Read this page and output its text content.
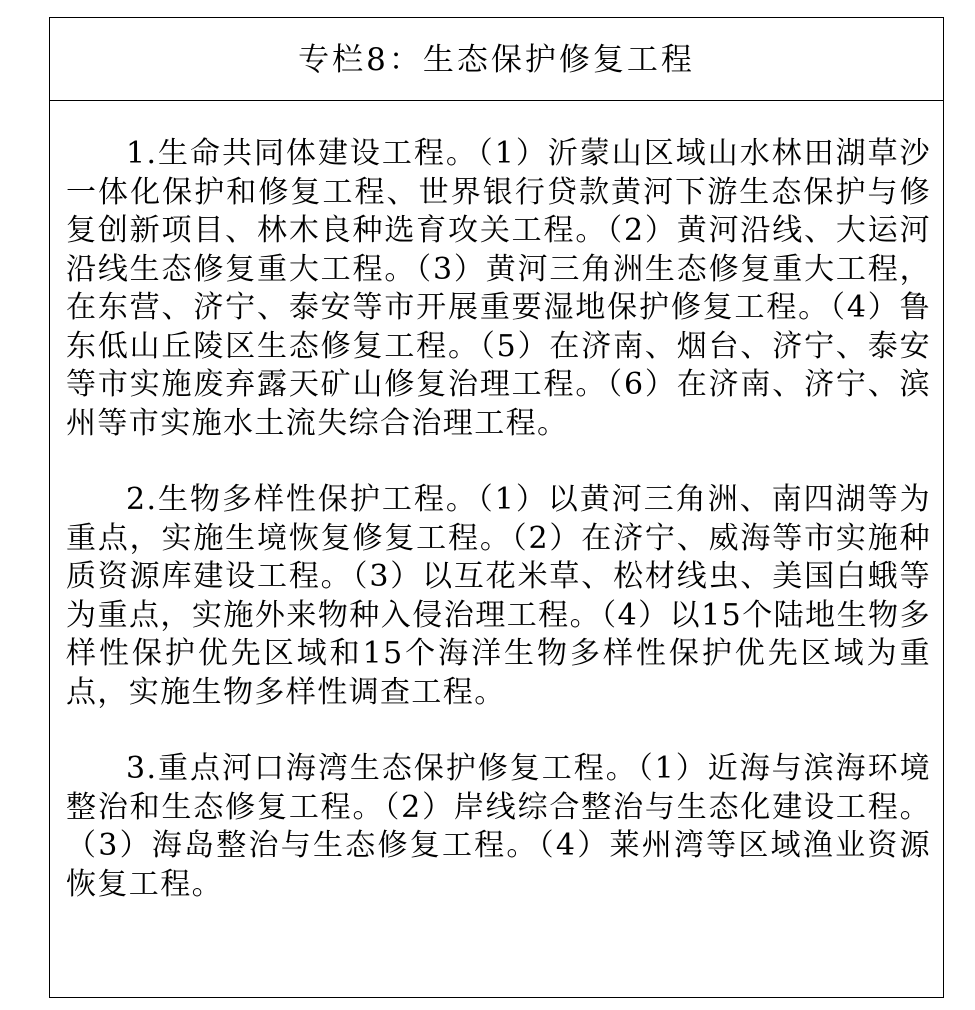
专栏8：生态保护修复工程

1.生命共同体建设工程。（1）沂蒙山区域山水林田湖草沙一体化保护和修复工程、世界银行贷款黄河下游生态保护与修复创新项目、林木良种选育攻关工程。（2）黄河沿线、大运河沿线生态修复重大工程。（3）黄河三角洲生态修复重大工程，在东营、济宁、泰安等市开展重要湿地保护修复工程。（4）鲁东低山丘陵区生态修复工程。（5）在济南、烟台、济宁、泰安等市实施废弃露天矿山修复治理工程。（6）在济南、济宁、滨州等市实施水土流失综合治理工程。

2.生物多样性保护工程。（1）以黄河三角洲、南四湖等为重点，实施生境恢复修复工程。（2）在济宁、威海等市实施种质资源库建设工程。（3）以互花米草、松材线虫、美国白蛾等为重点，实施外来物种入侵治理工程。（4）以15个陆地生物多样性保护优先区域和15个海洋生物多样性保护优先区域为重点，实施生物多样性调查工程。

3.重点河口海湾生态保护修复工程。（1）近海与滨海环境整治和生态修复工程。（2）岸线综合整治与生态化建设工程。（3）海岛整治与生态修复工程。（4）莱州湾等区域渔业资源恢复工程。
